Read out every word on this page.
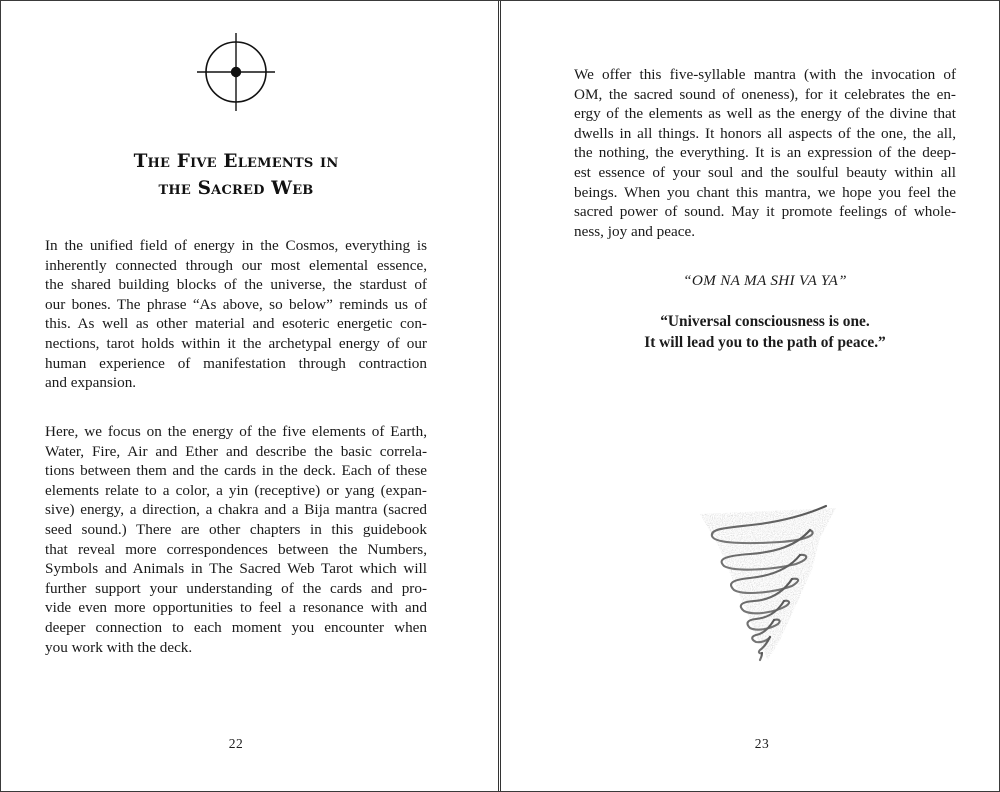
The Five Elements in
the Sacred Web

In the unified field of energy in the Cosmos, everything is
inherently connected through our most elemental essence,
the shared building blocks of the universe, the stardust of
our bones. The phrase “As above, so below” reminds us of
this. As well as other material and esoteric energetic con-
nections, tarot holds within it the archetypal energy of our
human experience of manifestation through contraction
and expansion.

Here, we focus on the energy of the five elements of Earth,
Water, Fire, Air and Ether and describe the basic correla-
tions between them and the cards in the deck. Each of these
elements relate to a color, a yin (receptive) or yang (expan-
sive) energy, a direction, a chakra and a Bija mantra (sacred
seed sound.) There are other chapters in this guidebook
that reveal more correspondences between the Numbers,
Symbols and Animals in The Sacred Web Tarot which will
further support your understanding of the cards and pro-
vide even more opportunities to feel a resonance with and
deeper connection to each moment you encounter when
you work with the deck.

22

We offer this five-syllable mantra (with the invocation of
OM, the sacred sound of oneness), for it celebrates the en-
ergy of the elements as well as the energy of the divine that
dwells in all things. It honors all aspects of the one, the all,
the nothing, the everything. It is an expression of the deep-
est essence of your soul and the soulful beauty within all
beings. When you chant this mantra, we hope you feel the
sacred power of sound. May it promote feelings of whole-
ness, joy and peace.

“OM NA MA SHI VA YA”

“Universal consciousness is one.
It will lead you to the path of peace.”

23
